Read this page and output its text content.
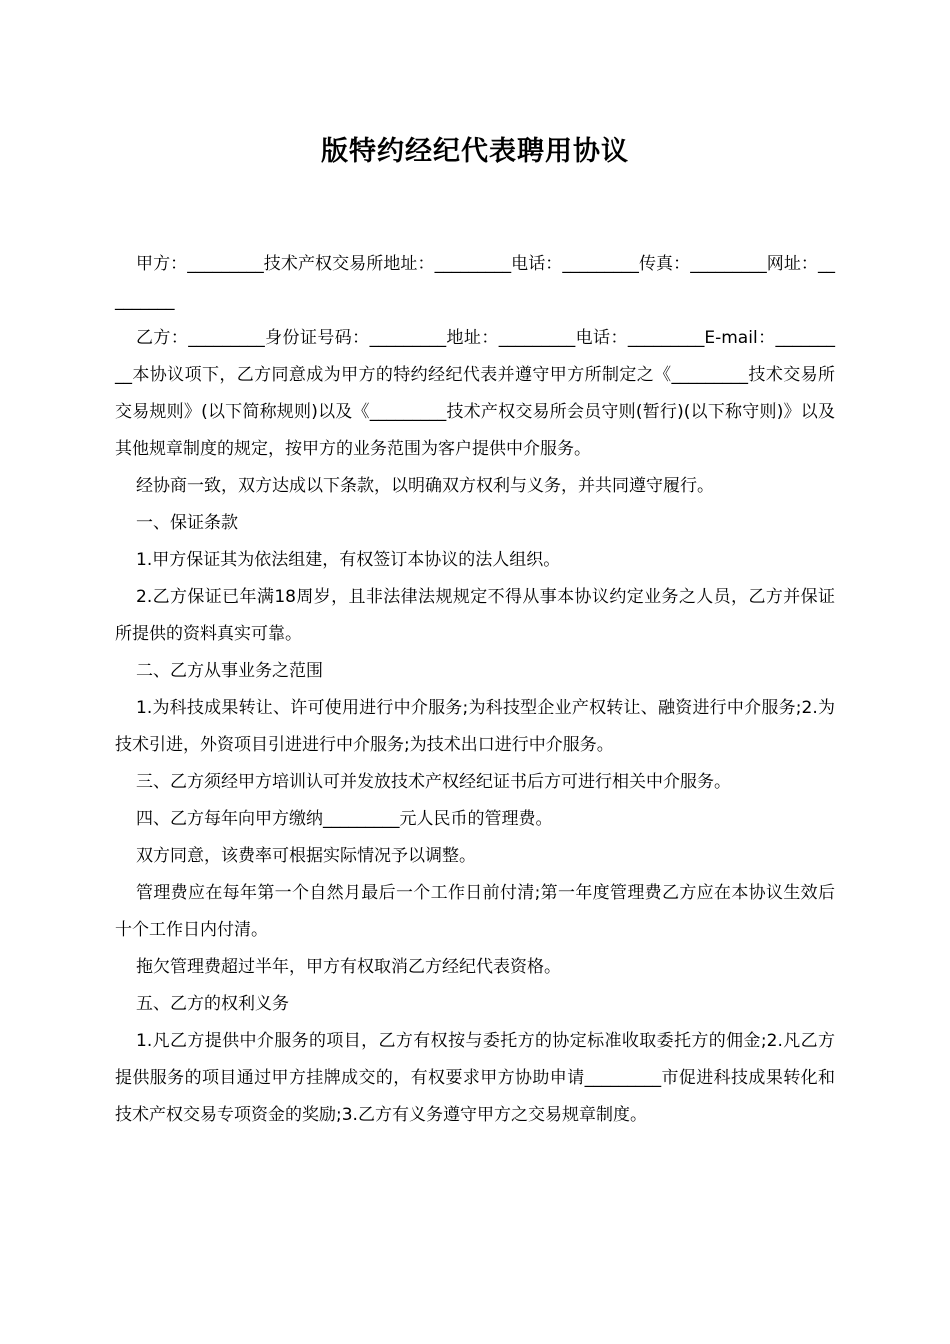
版特约经纪代表聘用协议

甲方：_________技术产权交易所地址：_________电话：_________传真：_________网址：_________

乙方：_________身份证号码：_________地址：_________电话：_________E-mail：_________本协议项下，乙方同意成为甲方的特约经纪代表并遵守甲方所制定之《_________技术交易所交易规则》(以下简称规则)以及《_________技术产权交易所会员守则(暂行)(以下称守则)》以及其他规章制度的规定，按甲方的业务范围为客户提供中介服务。

经协商一致，双方达成以下条款，以明确双方权利与义务，并共同遵守履行。

一、保证条款

1.甲方保证其为依法组建，有权签订本协议的法人组织。

2.乙方保证已年满18周岁，且非法律法规规定不得从事本协议约定业务之人员，乙方并保证所提供的资料真实可靠。

二、乙方从事业务之范围

1.为科技成果转让、许可使用进行中介服务;为科技型企业产权转让、融资进行中介服务;2.为技术引进，外资项目引进进行中介服务;为技术出口进行中介服务。

三、乙方须经甲方培训认可并发放技术产权经纪证书后方可进行相关中介服务。

四、乙方每年向甲方缴纳_________元人民币的管理费。

双方同意，该费率可根据实际情况予以调整。

管理费应在每年第一个自然月最后一个工作日前付清;第一年度管理费乙方应在本协议生效后十个工作日内付清。

拖欠管理费超过半年，甲方有权取消乙方经纪代表资格。

五、乙方的权利义务

1.凡乙方提供中介服务的项目，乙方有权按与委托方的协定标准收取委托方的佣金;2.凡乙方提供服务的项目通过甲方挂牌成交的，有权要求甲方协助申请_________市促进科技成果转化和技术产权交易专项资金的奖励;3.乙方有义务遵守甲方之交易规章制度。
